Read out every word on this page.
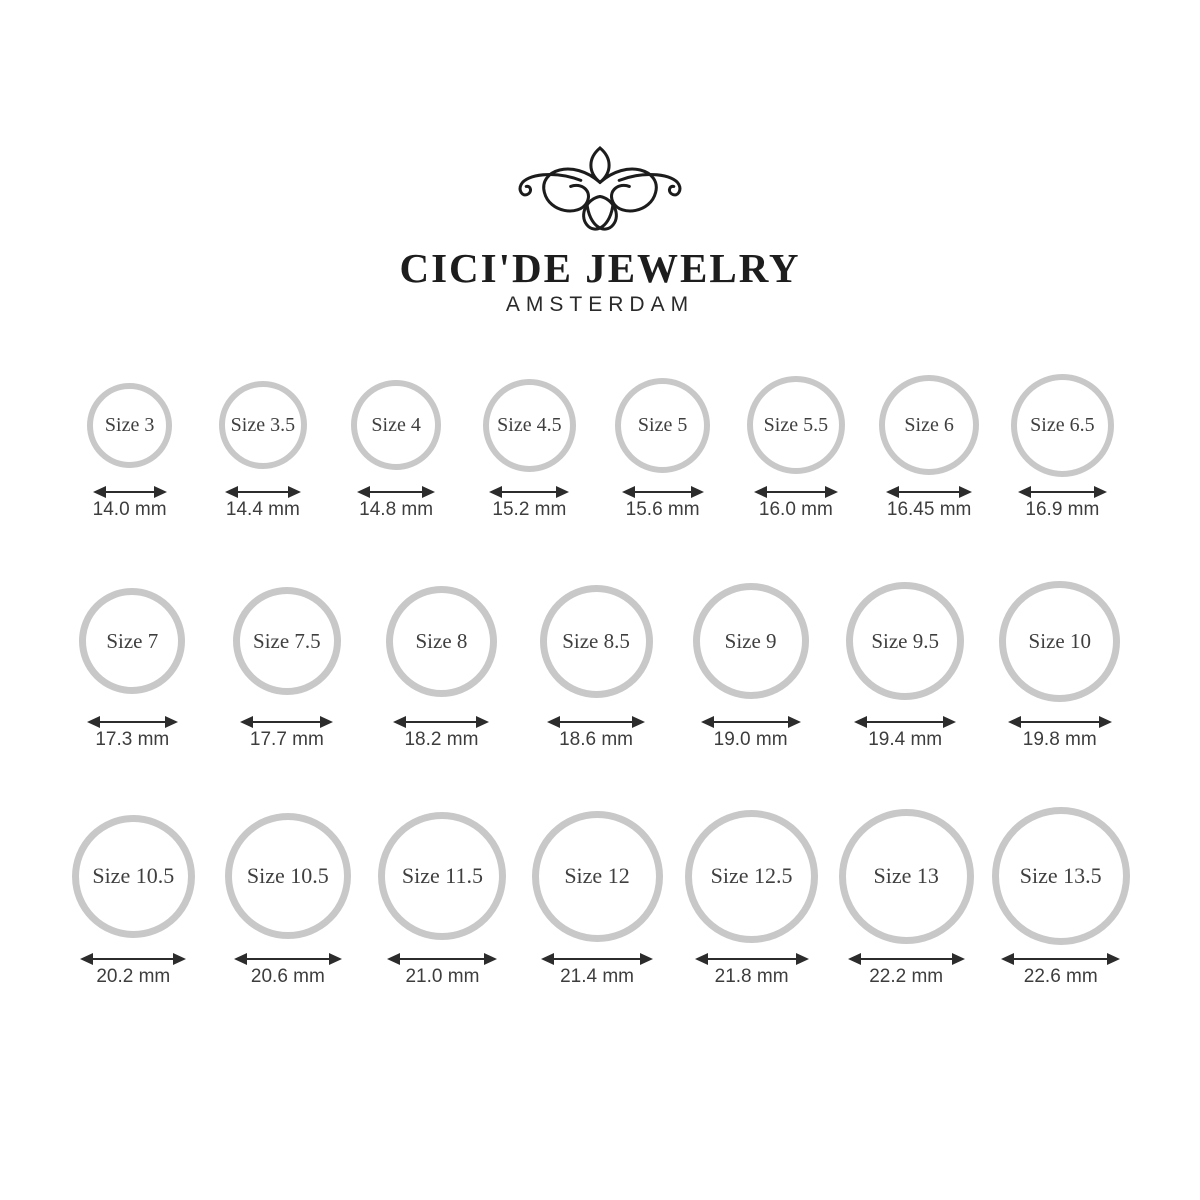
CICI'DE JEWELRY
AMSTERDAM
Size 3
14.0 mm
Size 3.5
14.4 mm
Size 4
14.8 mm
Size 4.5
15.2 mm
Size 5
15.6 mm
Size 5.5
16.0 mm
Size 6
16.45 mm
Size 6.5
16.9 mm
Size 7
17.3 mm
Size 7.5
17.7 mm
Size 8
18.2 mm
Size 8.5
18.6 mm
Size 9
19.0 mm
Size 9.5
19.4 mm
Size 10
19.8 mm
Size 10.5
20.2 mm
Size 10.5
20.6 mm
Size 11.5
21.0 mm
Size 12
21.4 mm
Size 12.5
21.8 mm
Size 13
22.2 mm
Size 13.5
22.6 mm
